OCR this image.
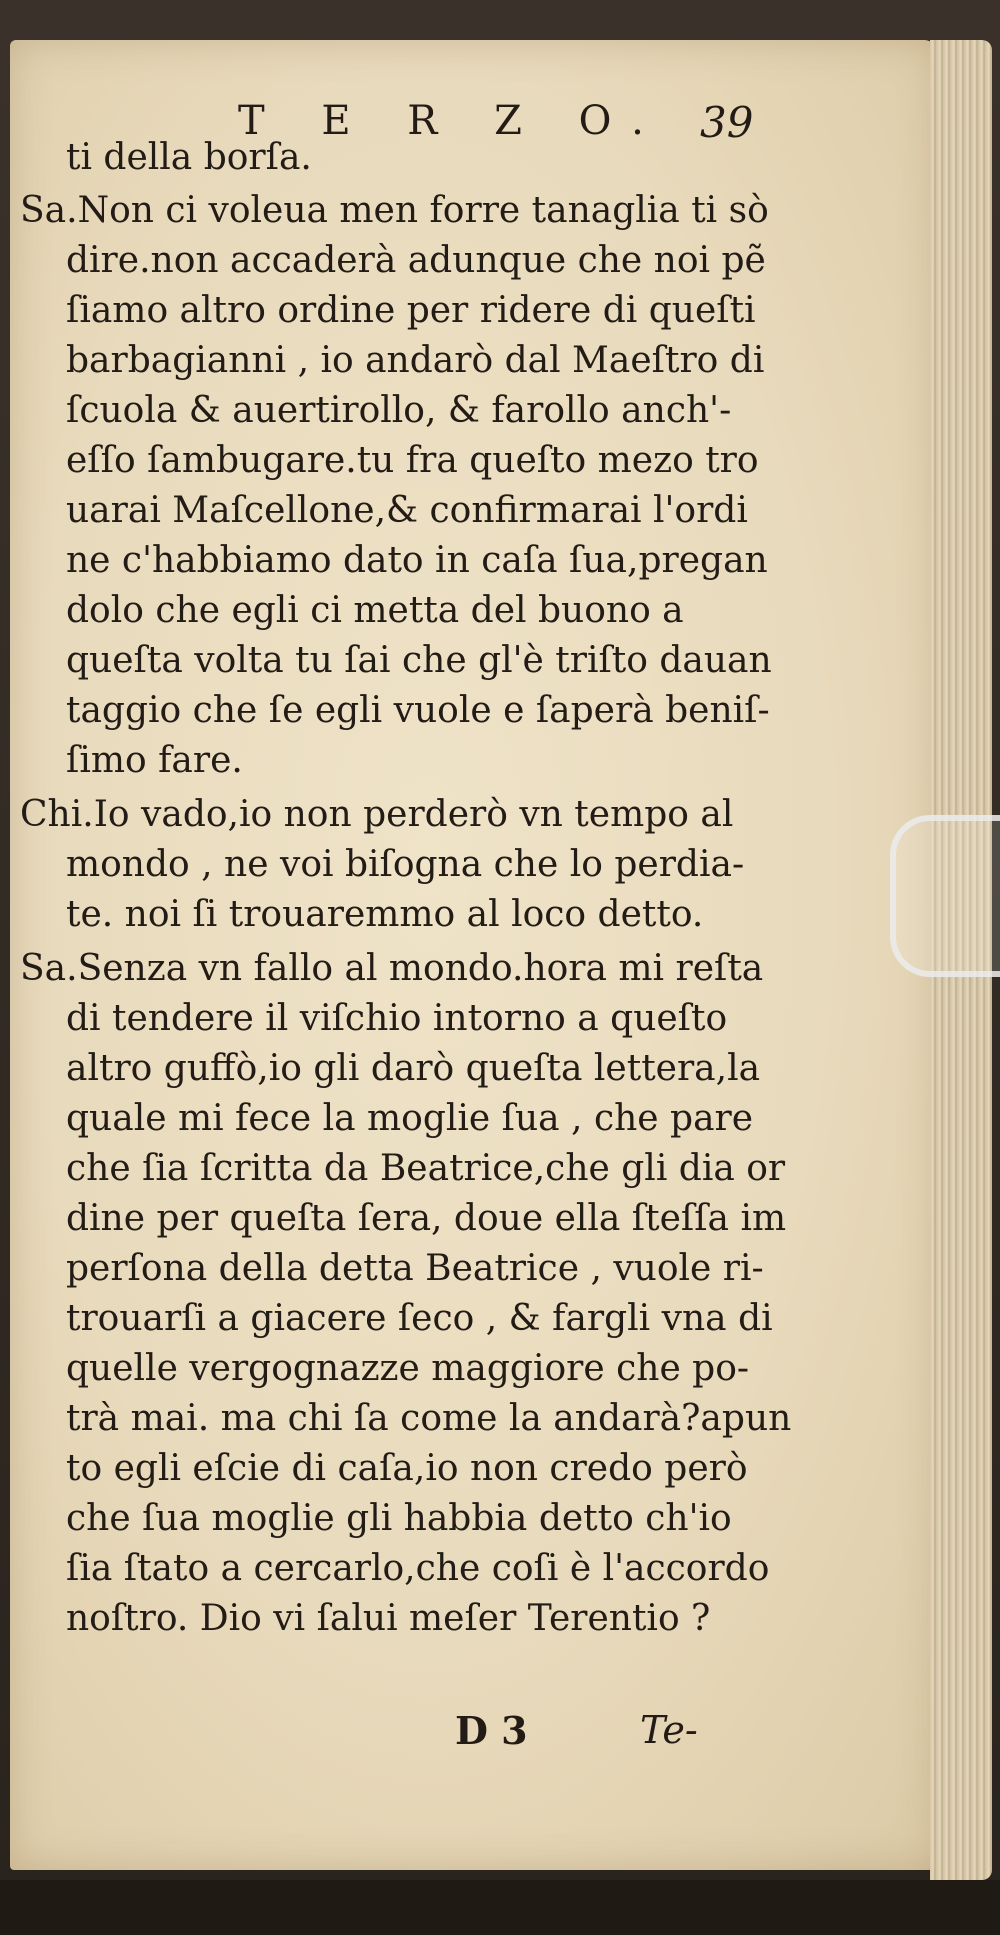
T E R Z O. 39
ti della borſa.
Sa.Non ci voleua men forre tanaglia ti sò
dire.non accaderà adunque che noi pẽ
ſiamo altro ordine per ridere di queſti
barbagianni , io andarò dal Maeſtro di
ſcuola & auertirollo, & farollo anch'-
eſſo ſambugare.tu fra queſto mezo tro
uarai Maſcellone,& confirmarai l'ordi
ne c'habbiamo dato in caſa ſua,pregan
dolo che egli ci metta del buono a
queſta volta tu ſai che gl'è triſto dauan
taggio che ſe egli vuole e ſaperà beniſ-
ſimo fare.
Chi.Io vado,io non perderò vn tempo al
mondo , ne voi biſogna che lo perdia-
te. noi ſi trouaremmo al loco detto.
Sa.Senza vn fallo al mondo.hora mi reſta
di tendere il viſchio intorno a queſto
altro guffò,io gli darò queſta lettera,la
quale mi fece la moglie ſua , che pare
che ſia ſcritta da Beatrice,che gli dia or
dine per queſta ſera, doue ella ſteſſa im
perſona della detta Beatrice , vuole ri-
trouarſi a giacere ſeco , & fargli vna di
quelle vergognazze maggiore che po-
trà mai. ma chi ſa come la andarà?apun
to egli eſcie di caſa,io non credo però
che ſua moglie gli habbia detto ch'io
ſia ſtato a cercarlo,che coſi è l'accordo
noſtro. Dio vi ſalui meſer Terentio ?
D 3	Te-
